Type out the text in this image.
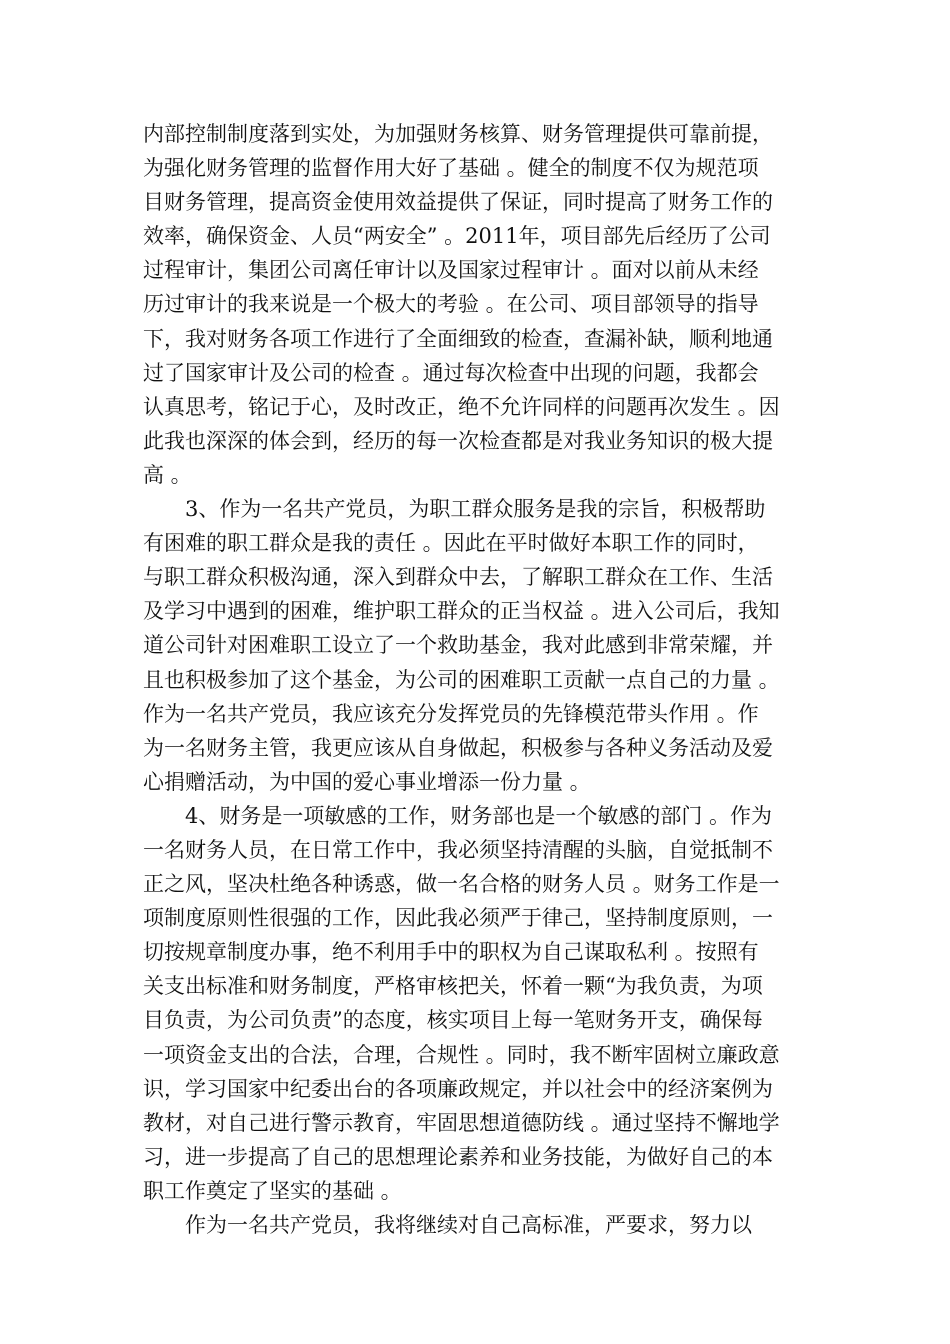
内部控制制度落到实处，为加强财务核算、财务管理提供可靠前提，
为强化财务管理的监督作用大好了基础 。健全的制度不仅为规范项
目财务管理，提高资金使用效益提供了保证，同时提高了财务工作的
效率，确保资金、人员“两安全” 。2011年，项目部先后经历了公司
过程审计，集团公司离任审计以及国家过程审计 。面对以前从未经
历过审计的我来说是一个极大的考验 。在公司、项目部领导的指导
下，我对财务各项工作进行了全面细致的检查，查漏补缺，顺利地通
过了国家审计及公司的检查 。通过每次检查中出现的问题，我都会
认真思考，铭记于心，及时改正，绝不允许同样的问题再次发生 。因
此我也深深的体会到，经历的每一次检查都是对我业务知识的极大提
高 。
3、作为一名共产党员，为职工群众服务是我的宗旨，积极帮助
有困难的职工群众是我的责任 。因此在平时做好本职工作的同时，
与职工群众积极沟通，深入到群众中去，了解职工群众在工作、生活
及学习中遇到的困难，维护职工群众的正当权益 。进入公司后，我知
道公司针对困难职工设立了一个救助基金，我对此感到非常荣耀，并
且也积极参加了这个基金，为公司的困难职工贡献一点自己的力量 。
作为一名共产党员，我应该充分发挥党员的先锋模范带头作用 。作
为一名财务主管，我更应该从自身做起，积极参与各种义务活动及爱
心捐赠活动，为中国的爱心事业增添一份力量 。
4、财务是一项敏感的工作，财务部也是一个敏感的部门 。作为
一名财务人员，在日常工作中，我必须坚持清醒的头脑，自觉抵制不
正之风，坚决杜绝各种诱惑，做一名合格的财务人员 。财务工作是一
项制度原则性很强的工作，因此我必须严于律己，坚持制度原则，一
切按规章制度办事，绝不利用手中的职权为自己谋取私利 。按照有
关支出标准和财务制度，严格审核把关，怀着一颗“为我负责，为项
目负责，为公司负责”的态度，核实项目上每一笔财务开支，确保每
一项资金支出的合法，合理，合规性 。同时，我不断牢固树立廉政意
识，学习国家中纪委出台的各项廉政规定，并以社会中的经济案例为
教材，对自己进行警示教育，牢固思想道德防线 。通过坚持不懈地学
习，进一步提高了自己的思想理论素养和业务技能，为做好自己的本
职工作奠定了坚实的基础 。
作为一名共产党员，我将继续对自己高标准，严要求，努力以
